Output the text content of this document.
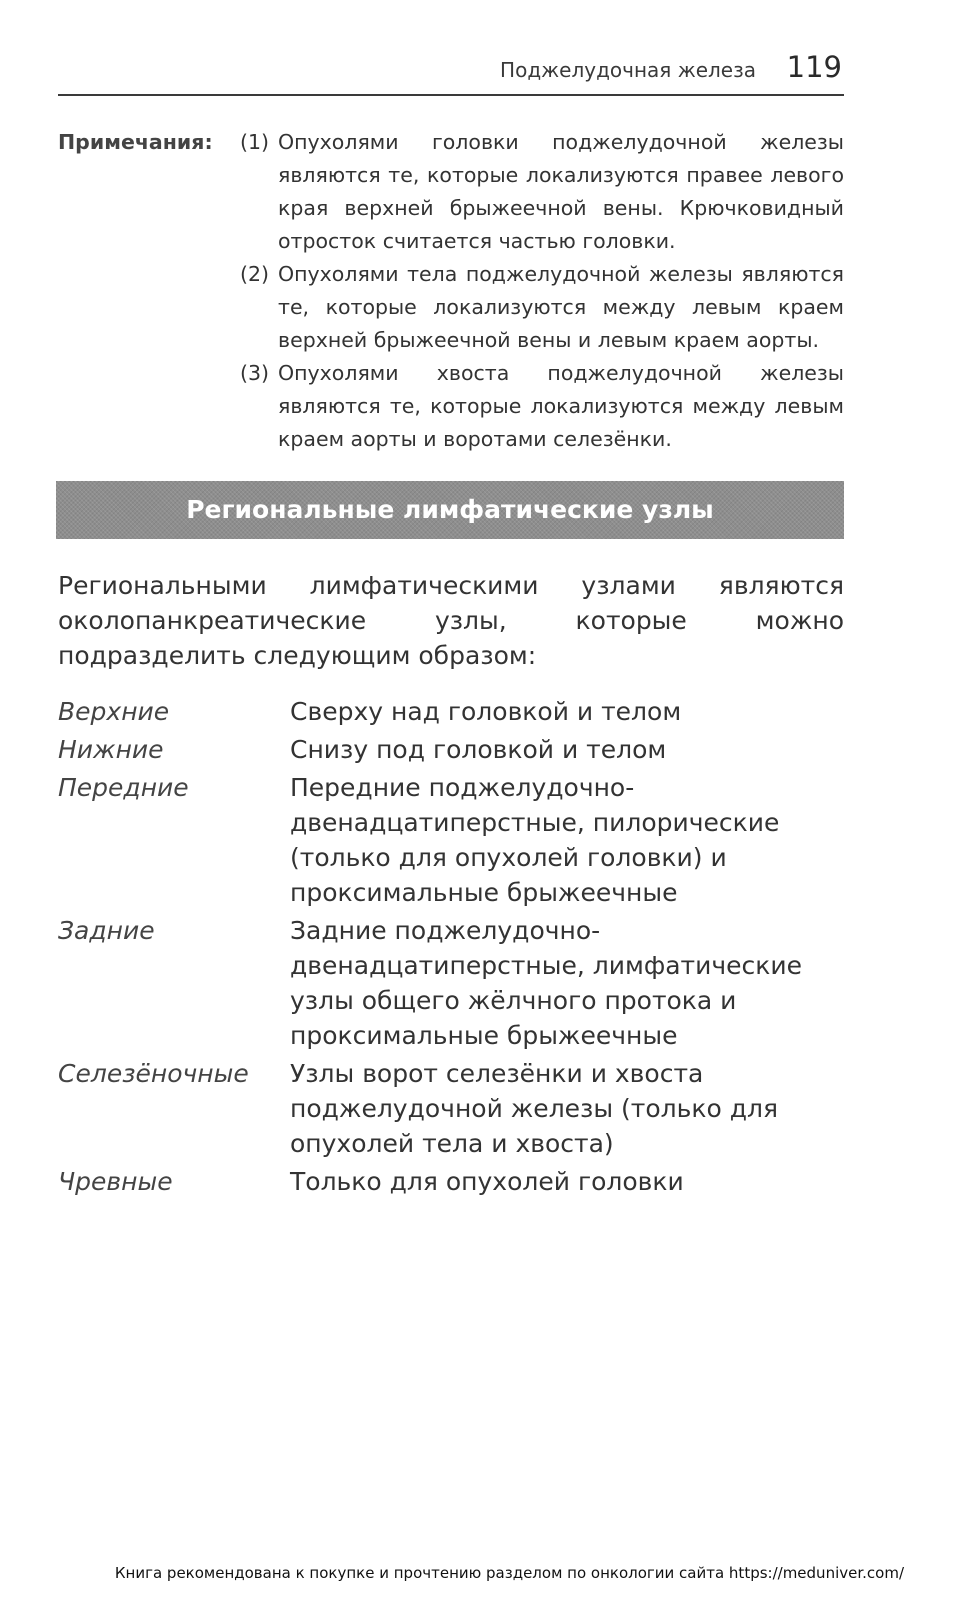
Поджелудочная железа 119
Примечания: (1) Опухолями головки поджелудочной железы являются те, которые локализуются правее левого края верхней брыжеечной вены. Крючковидный отросток считается частью головки.
(2) Опухолями тела поджелудочной железы являются те, которые локализуются между левым краем верхней брыжеечной вены и левым краем аорты.
(3) Опухолями хвоста поджелудочной железы являются те, которые локализуются между левым краем аорты и воротами селезёнки.
Региональные лимфатические узлы
Региональными лимфатическими узлами являются околопанкреатические узлы, которые можно подразделить следующим образом:
Верхние	Сверху над головкой и телом
Нижние	Снизу под головкой и телом
Передние	Передние поджелудочно-двенадцатиперстные, пилорические (только для опухолей головки) и проксимальные брыжеечные
Задние	Задние поджелудочно-двенадцатиперстные, лимфатические узлы общего жёлчного протока и проксимальные брыжеечные
Селезёночные	Узлы ворот селезёнки и хвоста поджелудочной железы (только для опухолей тела и хвоста)
Чревные	Только для опухолей головки
Книга рекомендована к покупке и прочтению разделом по онкологии сайта https://meduniver.com/
